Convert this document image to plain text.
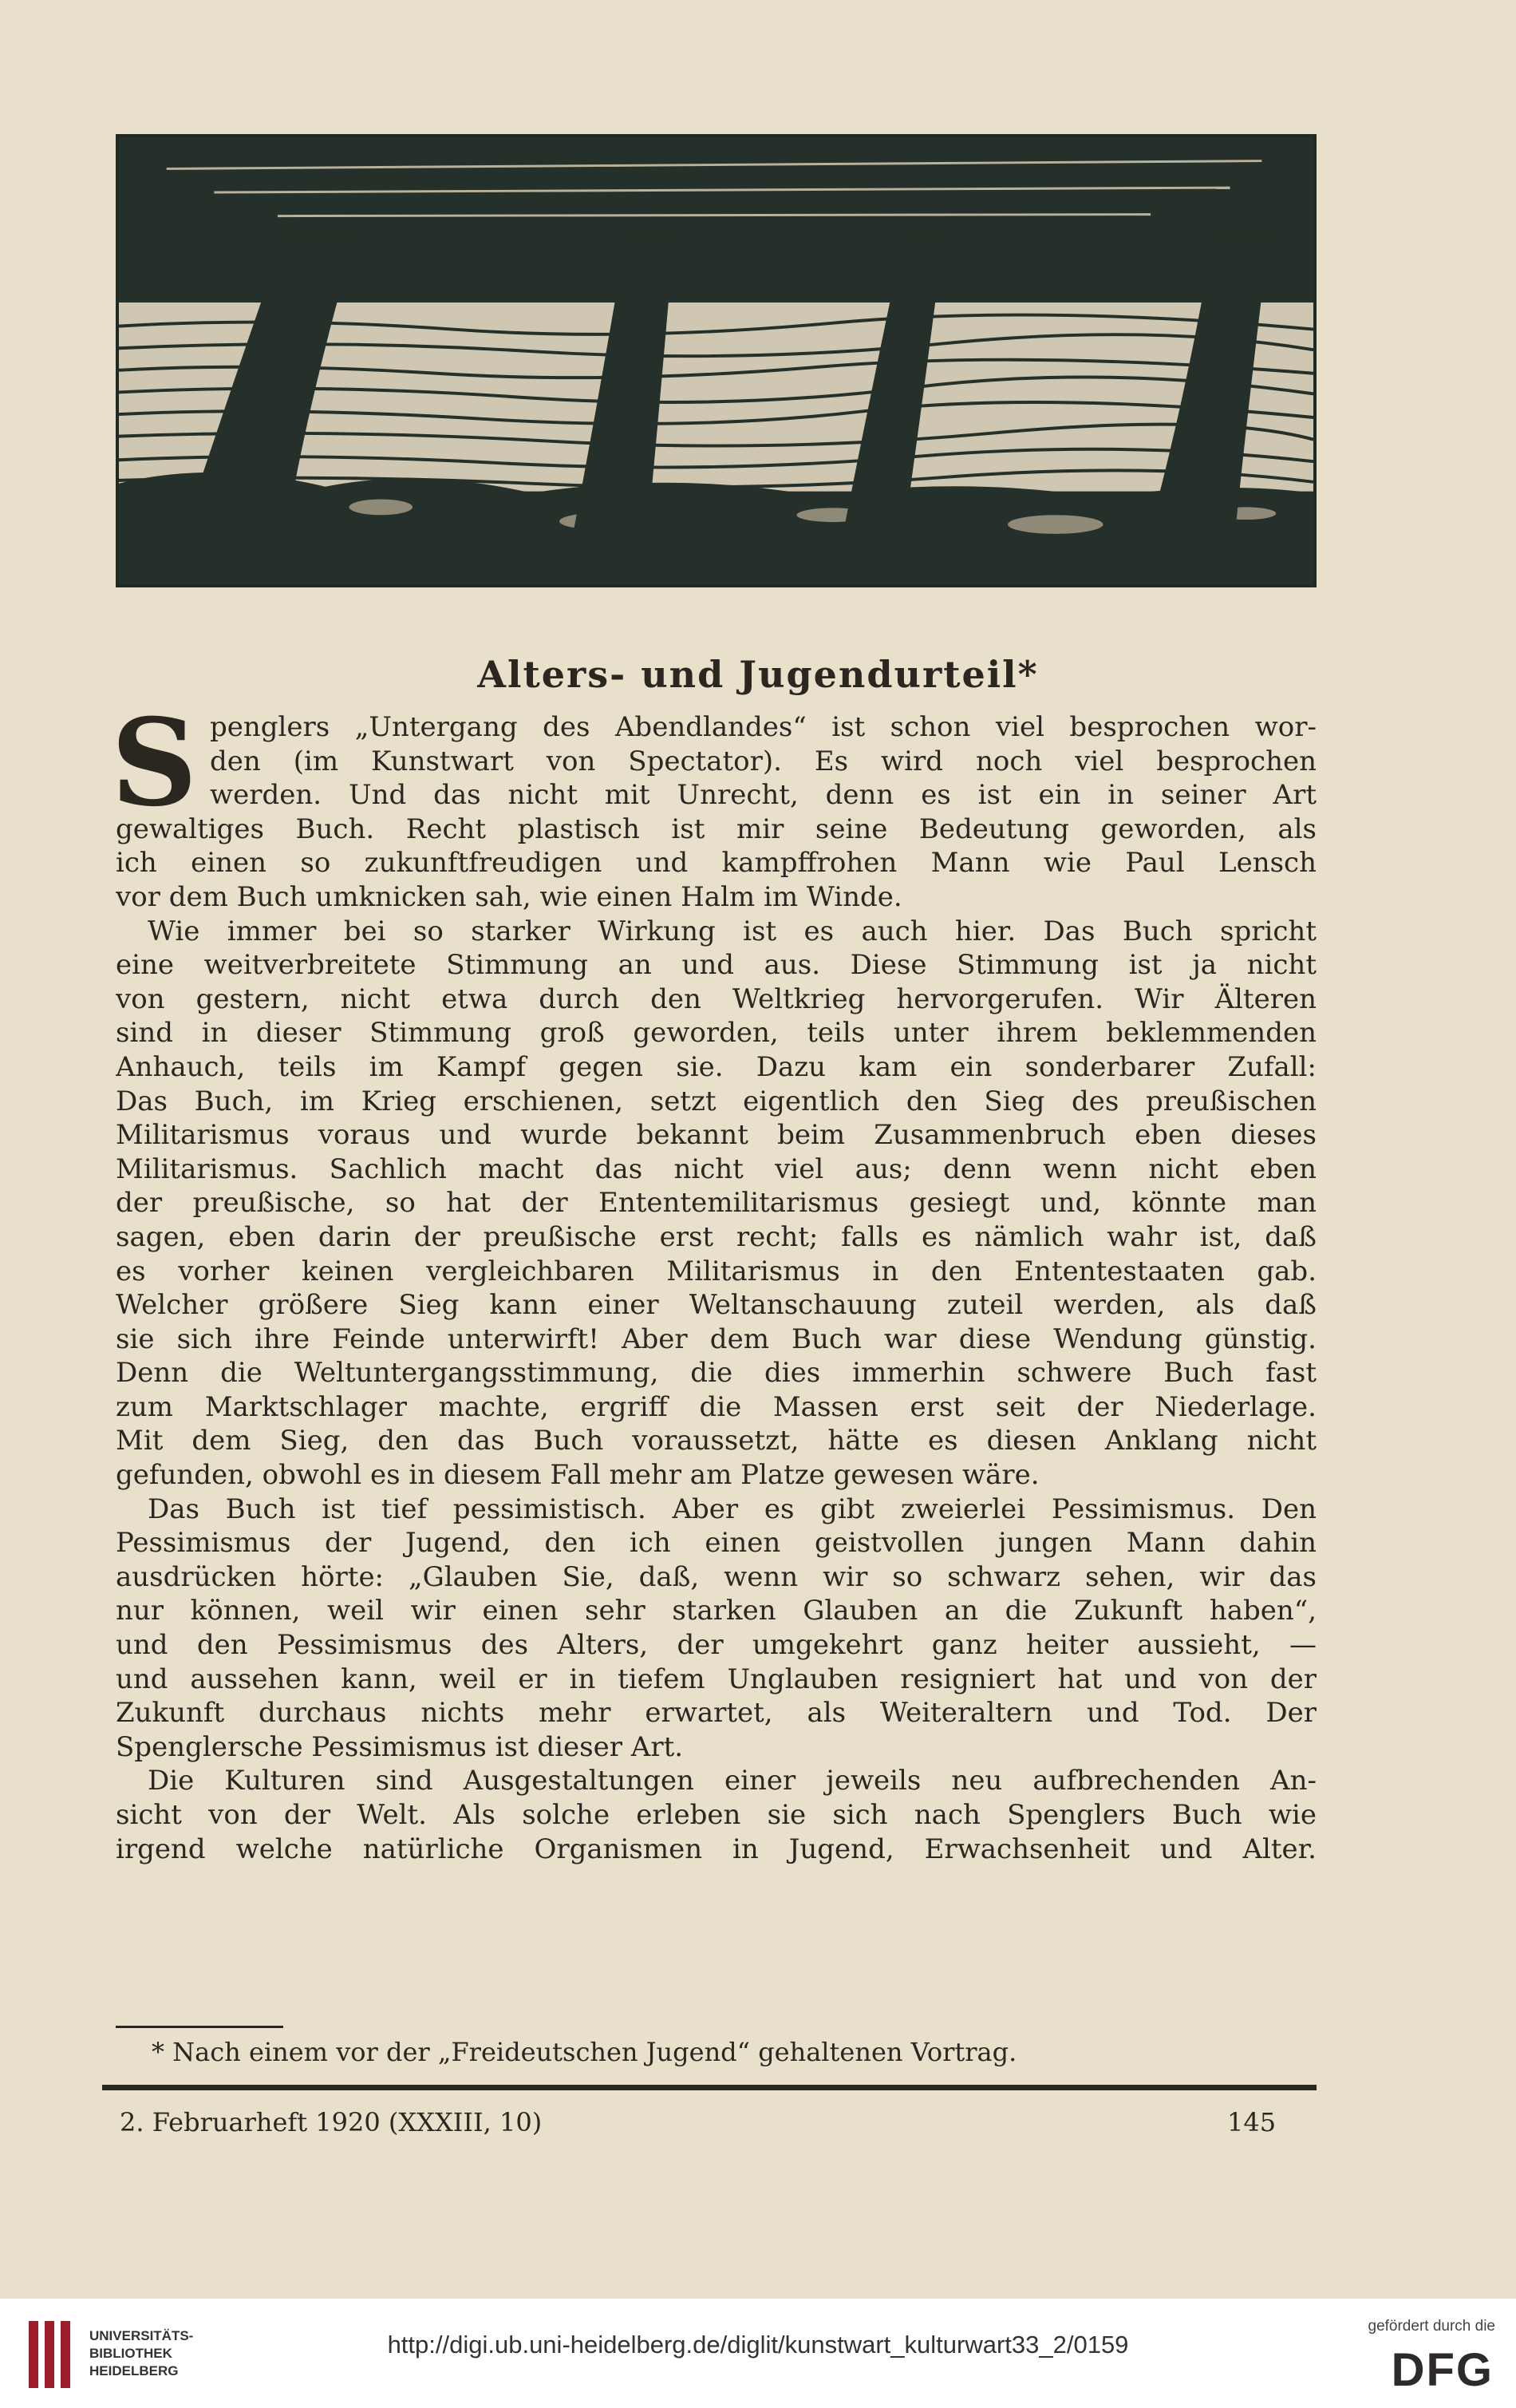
Alters- und Jugendurteil*
S penglers „Untergang des Abendlandes“ ist schon viel besprochen wor-
den (im Kunstwart von Spectator). Es wird noch viel besprochen
werden. Und das nicht mit Unrecht, denn es ist ein in seiner Art
gewaltiges Buch. Recht plastisch ist mir seine Bedeutung geworden, als
ich einen so zukunftfreudigen und kampffrohen Mann wie Paul Lensch
vor dem Buch umknicken sah, wie einen Halm im Winde.
Wie immer bei so starker Wirkung ist es auch hier. Das Buch spricht
eine weitverbreitete Stimmung an und aus. Diese Stimmung ist ja nicht
von gestern, nicht etwa durch den Weltkrieg hervorgerufen. Wir Älteren
sind in dieser Stimmung groß geworden, teils unter ihrem beklemmenden
Anhauch, teils im Kampf gegen sie. Dazu kam ein sonderbarer Zufall:
Das Buch, im Krieg erschienen, setzt eigentlich den Sieg des preußischen
Militarismus voraus und wurde bekannt beim Zusammenbruch eben dieses
Militarismus. Sachlich macht das nicht viel aus; denn wenn nicht eben
der preußische, so hat der Ententemilitarismus gesiegt und, könnte man
sagen, eben darin der preußische erst recht; falls es nämlich wahr ist, daß
es vorher keinen vergleichbaren Militarismus in den Ententestaaten gab.
Welcher größere Sieg kann einer Weltanschauung zuteil werden, als daß
sie sich ihre Feinde unterwirft! Aber dem Buch war diese Wendung günstig.
Denn die Weltuntergangsstimmung, die dies immerhin schwere Buch fast
zum Marktschlager machte, ergriff die Massen erst seit der Niederlage.
Mit dem Sieg, den das Buch voraussetzt, hätte es diesen Anklang nicht
gefunden, obwohl es in diesem Fall mehr am Platze gewesen wäre.
Das Buch ist tief pessimistisch. Aber es gibt zweierlei Pessimismus. Den
Pessimismus der Jugend, den ich einen geistvollen jungen Mann dahin
ausdrücken hörte: „Glauben Sie, daß, wenn wir so schwarz sehen, wir das
nur können, weil wir einen sehr starken Glauben an die Zukunft haben“,
und den Pessimismus des Alters, der umgekehrt ganz heiter aussieht, —
und aussehen kann, weil er in tiefem Unglauben resigniert hat und von der
Zukunft durchaus nichts mehr erwartet, als Weiteraltern und Tod. Der
Spenglersche Pessimismus ist dieser Art.
Die Kulturen sind Ausgestaltungen einer jeweils neu aufbrechenden An-
sicht von der Welt. Als solche erleben sie sich nach Spenglers Buch wie
irgend welche natürliche Organismen in Jugend, Erwachsenheit und Alter.
* Nach einem vor der „Freideutschen Jugend“ gehaltenen Vortrag.
2. Februarheft 1920 (XXXIII, 10)	145
UNIVERSITÄTS-
BIBLIOTHEK
HEIDELBERG
http://digi.ub.uni-heidelberg.de/diglit/kunstwart_kulturwart33_2/0159
gefördert durch die
DFG
